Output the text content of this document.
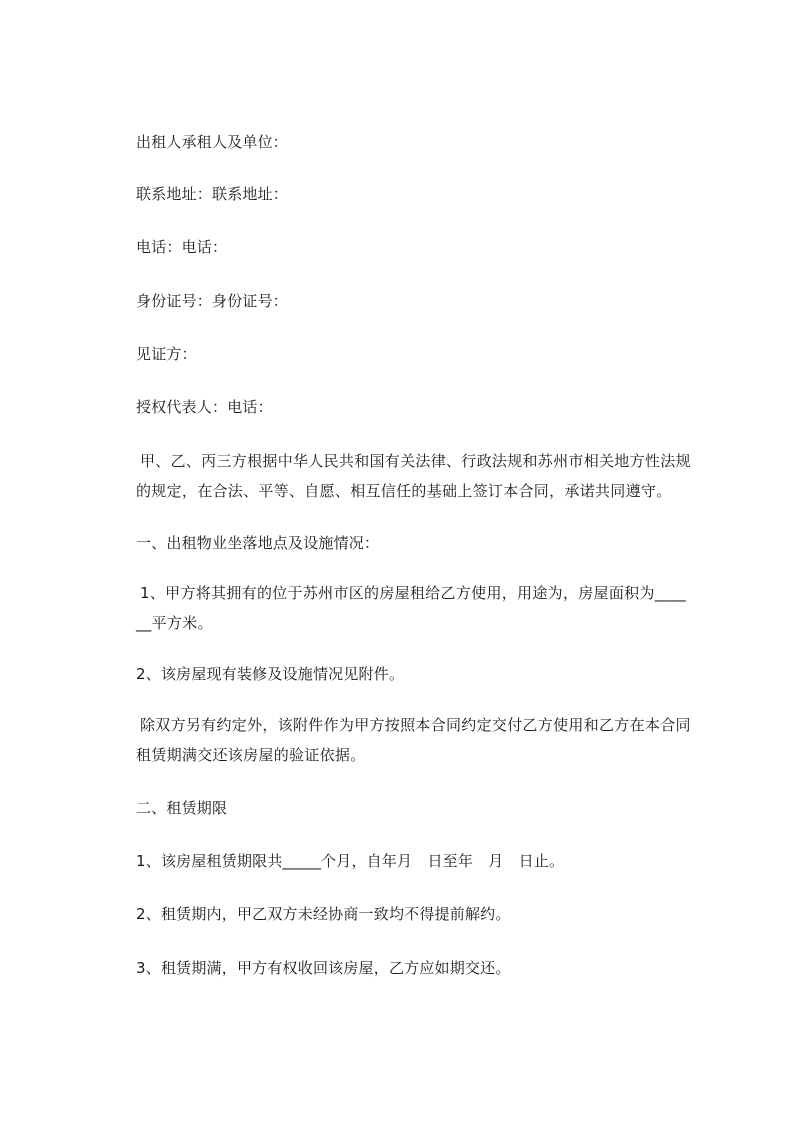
出租人承租人及单位：
联系地址：联系地址：
电话：电话：
身份证号：身份证号：
见证方：
授权代表人：电话：
甲、乙、丙三方根据中华人民共和国有关法律、行政法规和苏州市相关地方性法规的规定，在合法、平等、自愿、相互信任的基础上签订本合同，承诺共同遵守。
一、出租物业坐落地点及设施情况：
1、甲方将其拥有的位于苏州市区的房屋租给乙方使用，用途为，房屋面积为______平方米。
2、该房屋现有装修及设施情况见附件。
除双方另有约定外，该附件作为甲方按照本合同约定交付乙方使用和乙方在本合同租赁期满交还该房屋的验证依据。
二、租赁期限
1、该房屋租赁期限共_____个月，自年月　日至年　月　日止。
2、租赁期内，甲乙双方未经协商一致均不得提前解约。
3、租赁期满，甲方有权收回该房屋，乙方应如期交还。
